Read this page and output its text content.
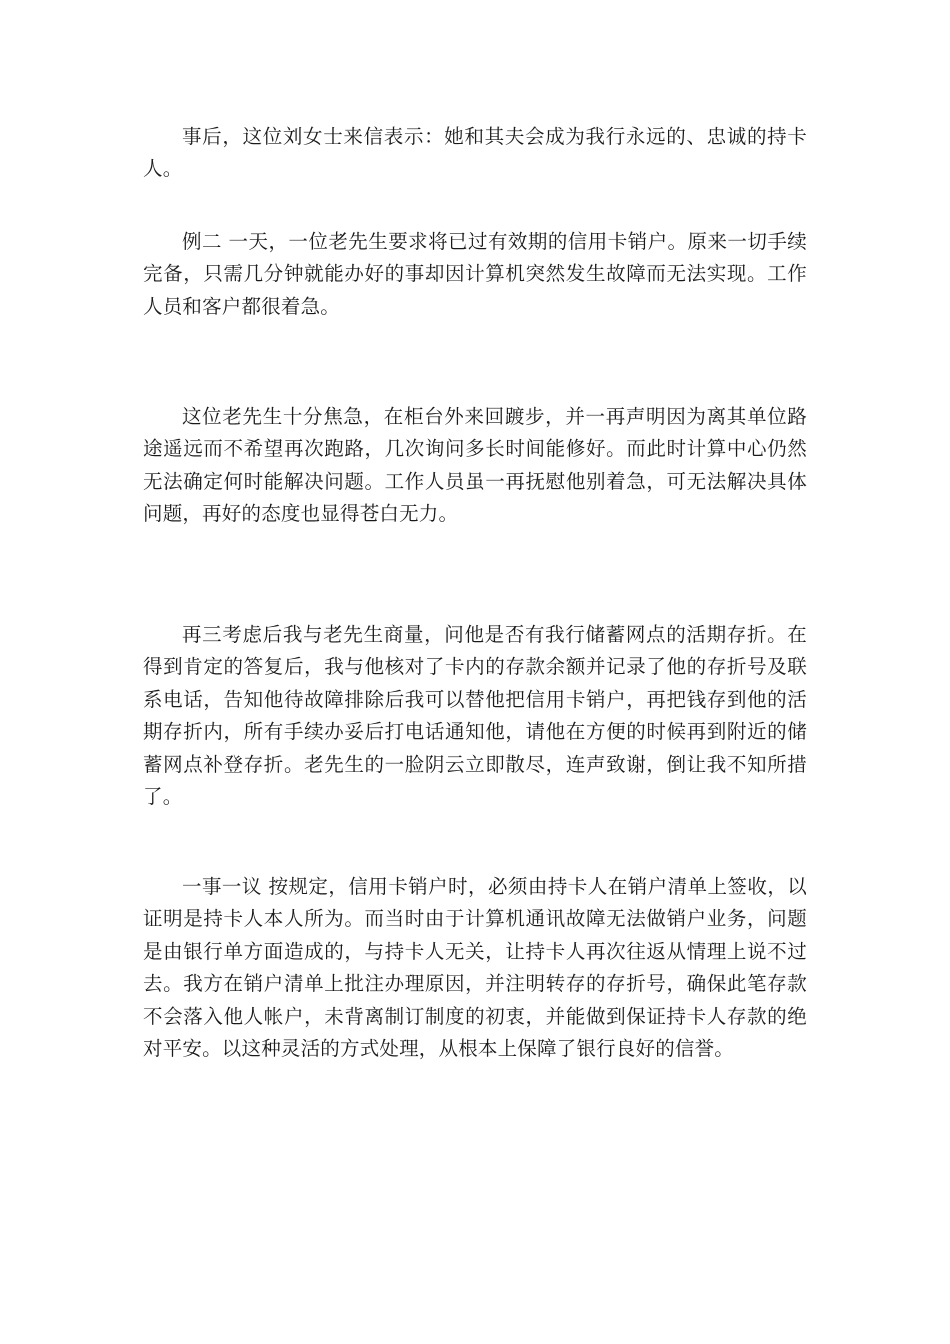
事后，这位刘女士来信表示：她和其夫会成为我行永远的、忠诚的持卡人。

例二 一天，一位老先生要求将已过有效期的信用卡销户。原来一切手续完备，只需几分钟就能办好的事却因计算机突然发生故障而无法实现。工作人员和客户都很着急。

这位老先生十分焦急，在柜台外来回踱步，并一再声明因为离其单位路途遥远而不希望再次跑路，几次询问多长时间能修好。而此时计算中心仍然无法确定何时能解决问题。工作人员虽一再抚慰他别着急，可无法解决具体问题，再好的态度也显得苍白无力。

再三考虑后我与老先生商量，问他是否有我行储蓄网点的活期存折。在得到肯定的答复后，我与他核对了卡内的存款余额并记录了他的存折号及联系电话，告知他待故障排除后我可以替他把信用卡销户，再把钱存到他的活期存折内，所有手续办妥后打电话通知他，请他在方便的时候再到附近的储蓄网点补登存折。老先生的一脸阴云立即散尽，连声致谢，倒让我不知所措了。

一事一议 按规定，信用卡销户时，必须由持卡人在销户清单上签收，以证明是持卡人本人所为。而当时由于计算机通讯故障无法做销户业务，问题是由银行单方面造成的，与持卡人无关，让持卡人再次往返从情理上说不过去。我方在销户清单上批注办理原因，并注明转存的存折号，确保此笔存款不会落入他人帐户，未背离制订制度的初衷，并能做到保证持卡人存款的绝对平安。以这种灵活的方式处理，从根本上保障了银行良好的信誉。
